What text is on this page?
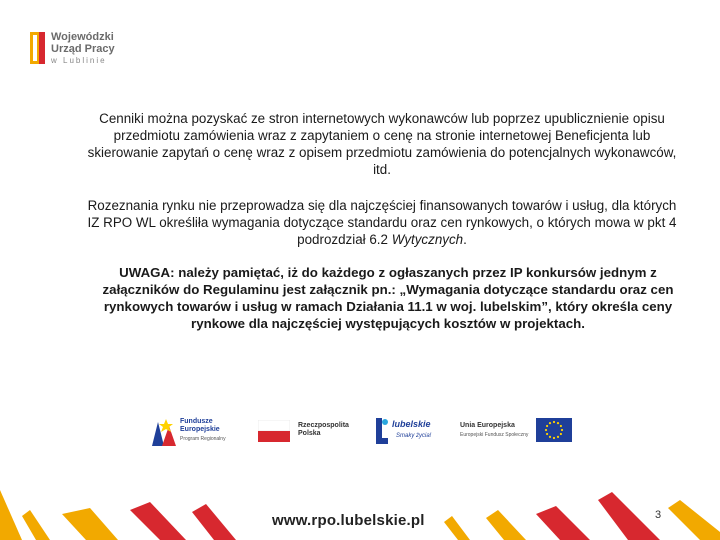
Wojewódzki
Urząd Pracy
w Lublinie

Cenniki można pozyskać ze stron internetowych wykonawców lub poprzez upublicznienie opisu przedmiotu zamówienia wraz z zapytaniem o cenę na stronie internetowej Beneficjenta lub skierowanie zapytań o cenę wraz z opisem przedmiotu zamówienia do potencjalnych wykonawców, itd.

Rozeznania rynku nie przeprowadza się dla najczęściej finansowanych towarów i usług, dla których IZ RPO WL określiła wymagania dotyczące standardu oraz cen rynkowych, o których mowa w pkt 4 podrozdział 6.2 Wytycznych.

UWAGA: należy pamiętać, iż do każdego z ogłaszanych przez IP konkursów jednym z załączników do Regulaminu jest załącznik pn.: „Wymagania dotyczące standardu oraz cen rynkowych towarów i usług w ramach Działania 11.1 w woj. lubelskim”, który określa ceny rynkowe dla najczęściej występujących kosztów w projektach.

Fundusze
Europejskie
Program Regionalny
Rzeczpospolita
Polska
lubelskie
Smaky życia!
Unia Europejska
Europejski Fundusz Społeczny
www.rpo.lubelskie.pl	3
